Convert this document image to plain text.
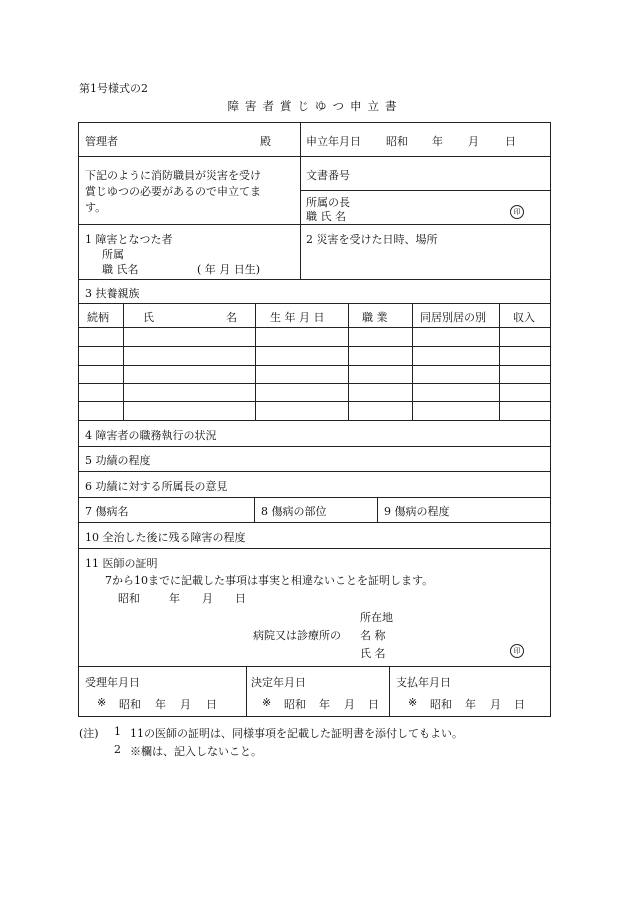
第1号様式の2
障害者賞じゆつ申立書
管理者	殿	申立年月日 昭和 年 月 日
下記のように消防職員が災害を受け
賞じゆつの必要があるので申立てま
す。
文書番号
所属の長
職 氏 名	印
1 障害となつた者
所属
職 氏名	( 年 月 日生)
2 災害を受けた日時、場所
3 扶養親族
続柄	氏	名	生 年 月 日	職 業	同居別居の別 収入
4 障害者の職務執行の状況
5 功績の程度
6 功績に対する所属長の意見
7 傷病名	8 傷病の部位	9 傷病の程度
10 全治した後に残る障害の程度
11 医師の証明
7から10までに記載した事項は事実と相違ないことを証明します。
昭和	年 月 日
所在地
病院又は診療所の 名 称
氏 名	印
受理年月日
※ 昭和 年 月 日
決定年月日
※ 昭和 年 月 日
支払年月日
※ 昭和 年 月 日
(注) 1 11の医師の証明は、同様事項を記載した証明書を添付してもよい。
2 ※欄は、記入しないこと。
